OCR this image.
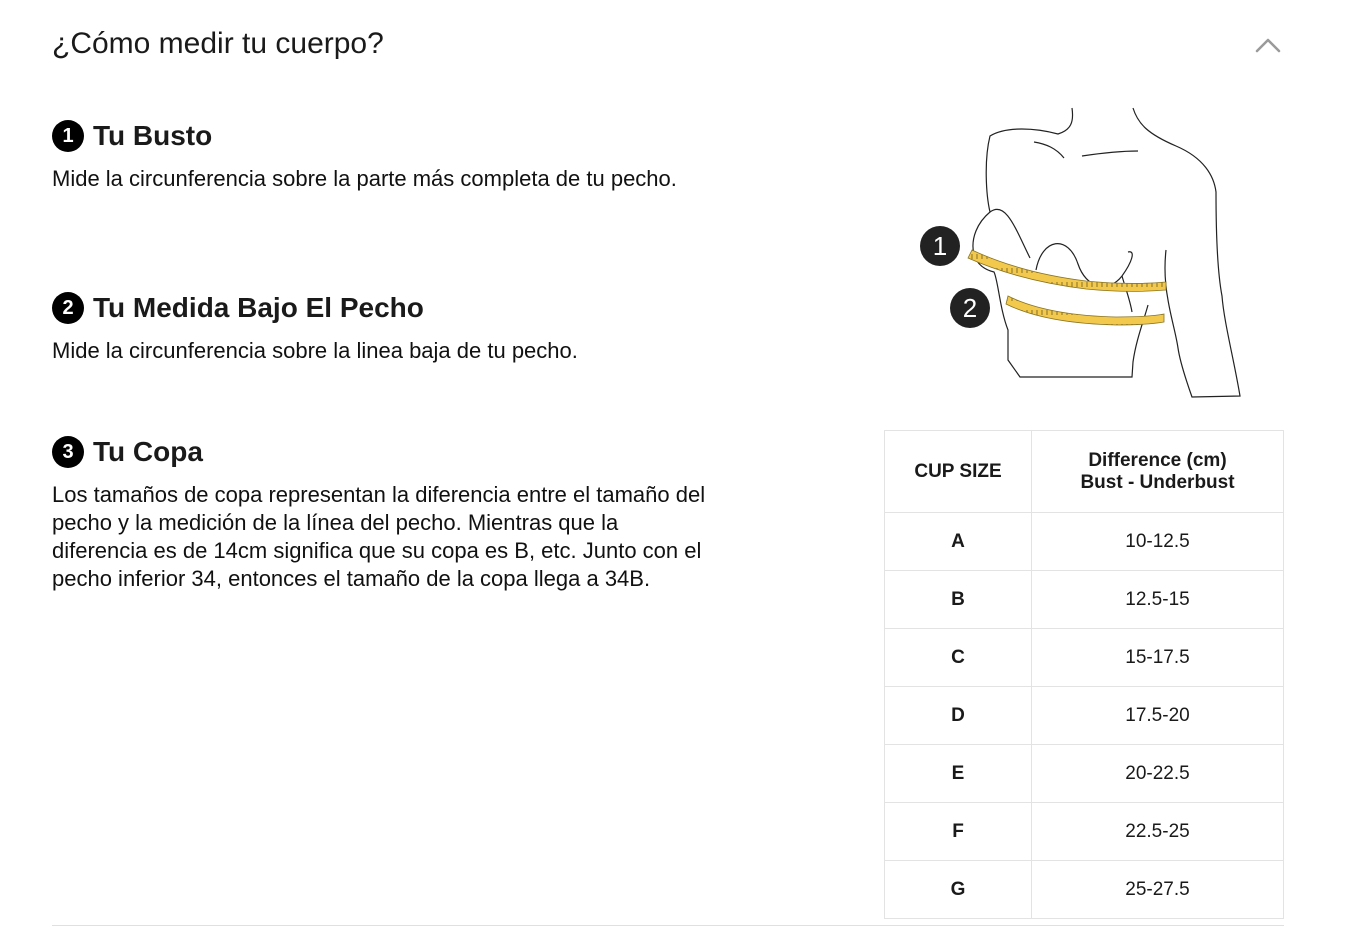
¿Cómo medir tu cuerpo?
1 Tu Busto

Mide la circunferencia sobre la parte más completa de tu pecho.

2 Tu Medida Bajo El Pecho

Mide la circunferencia sobre la linea baja de tu pecho.

3 Tu Copa

Los tamaños de copa representan la diferencia entre el tamaño del pecho y la medición de la línea del pecho. Mientras que la diferencia es de 14cm significa que su copa es B, etc. Junto con el pecho inferior 34, entonces el tamaño de la copa llega a 34B.

1
2
CUP SIZE	Difference (cm)
Bust - Underbust

A	10-12.5
B	12.5-15
C	15-17.5
D	17.5-20
E	20-22.5
F	22.5-25
G	25-27.5
